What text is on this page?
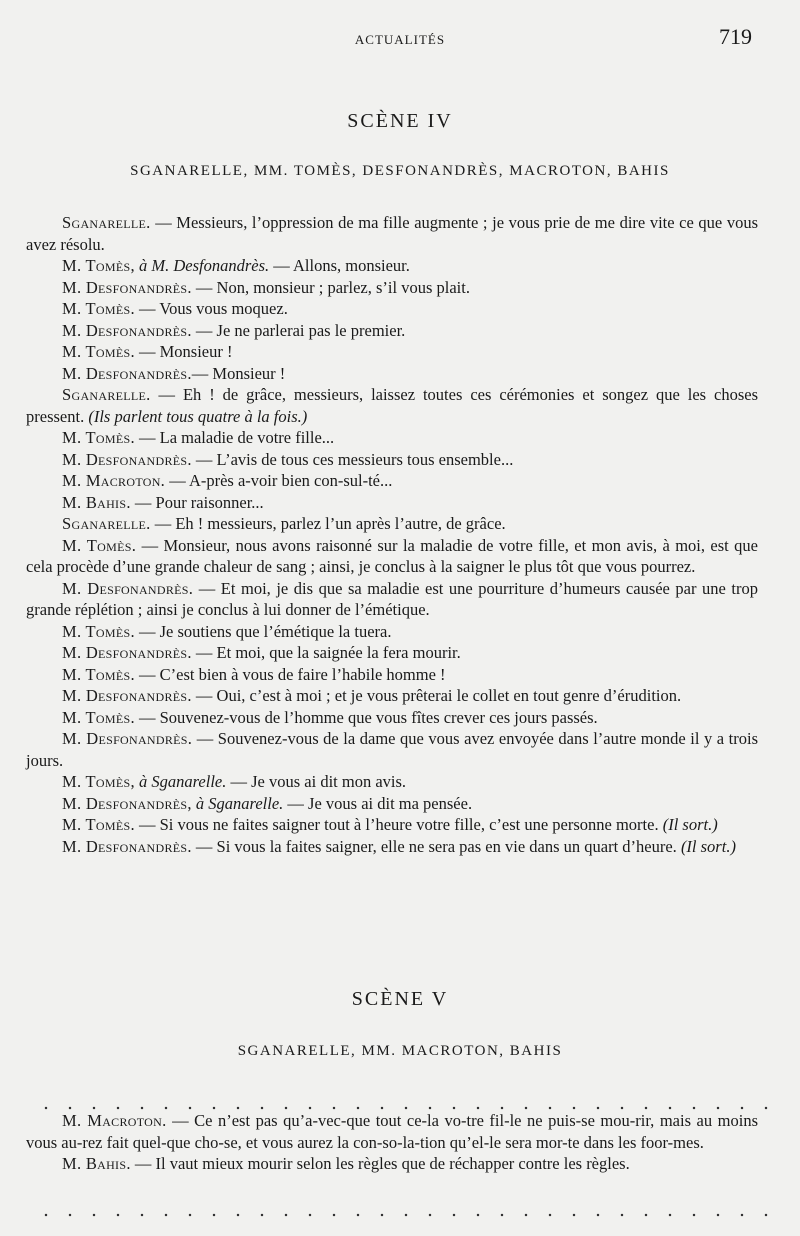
ACTUALITÉS	719
SCÈNE IV
SGANARELLE, MM. TOMÈS, DESFONANDRÈS, MACROTON, BAHIS

Sganarelle. — Messieurs, l’oppression de ma fille augmente ; je vous prie de me dire vite ce que vous avez résolu.

M. Tomès, à M. Desfonandrès. — Allons, monsieur.

M. Desfonandrès. — Non, monsieur ; parlez, s’il vous plait.

M. Tomès. — Vous vous moquez.

M. Desfonandrès. — Je ne parlerai pas le premier.

M. Tomès. — Monsieur !

M. Desfonandrès.— Monsieur !

Sganarelle. — Eh ! de grâce, messieurs, laissez toutes ces cérémonies et songez que les choses pressent. (Ils parlent tous quatre à la fois.)

M. Tomès. — La maladie de votre fille...

M. Desfonandrès. — L’avis de tous ces messieurs tous ensemble...

M. Macroton. — A-près a-voir bien con-sul-té...

M. Bahis. — Pour raisonner...

Sganarelle. — Eh ! messieurs, parlez l’un après l’autre, de grâce.

M. Tomès. — Monsieur, nous avons raisonné sur la maladie de votre fille, et mon avis, à moi, est que cela procède d’une grande chaleur de sang ; ainsi, je conclus à la saigner le plus tôt que vous pourrez.

M. Desfonandrès. — Et moi, je dis que sa maladie est une pourriture d’humeurs causée par une trop grande réplétion ; ainsi je conclus à lui donner de l’émétique.

M. Tomès. — Je soutiens que l’émétique la tuera.

M. Desfonandrès. — Et moi, que la saignée la fera mourir.

M. Tomès. — C’est bien à vous de faire l’habile homme !

M. Desfonandrès. — Oui, c’est à moi ; et je vous prêterai le collet en tout genre d’érudition.

M. Tomès. — Souvenez-vous de l’homme que vous fîtes crever ces jours passés.

M. Desfonandrès. — Souvenez-vous de la dame que vous avez envoyée dans l’autre monde il y a trois jours.

M. Tomès, à Sganarelle. — Je vous ai dit mon avis.

M. Desfonandrès, à Sganarelle. — Je vous ai dit ma pensée.

M. Tomès. — Si vous ne faites saigner tout à l’heure votre fille, c’est une personne morte. (Il sort.)

M. Desfonandrès. — Si vous la faites saigner, elle ne sera pas en vie dans un quart d’heure. (Il sort.)

SCÈNE V
SGANARELLE, MM. MACROTON, BAHIS

M. Macroton. — Ce n’est pas qu’a-vec-que tout ce-la vo-tre fil-le ne puis-se mou-rir, mais au moins vous au-rez fait quel-que cho-se, et vous aurez la con-so-la-tion qu’el-le sera mor-te dans les foor-mes.

M. Bahis. — Il vaut mieux mourir selon les règles que de réchapper contre les règles.
